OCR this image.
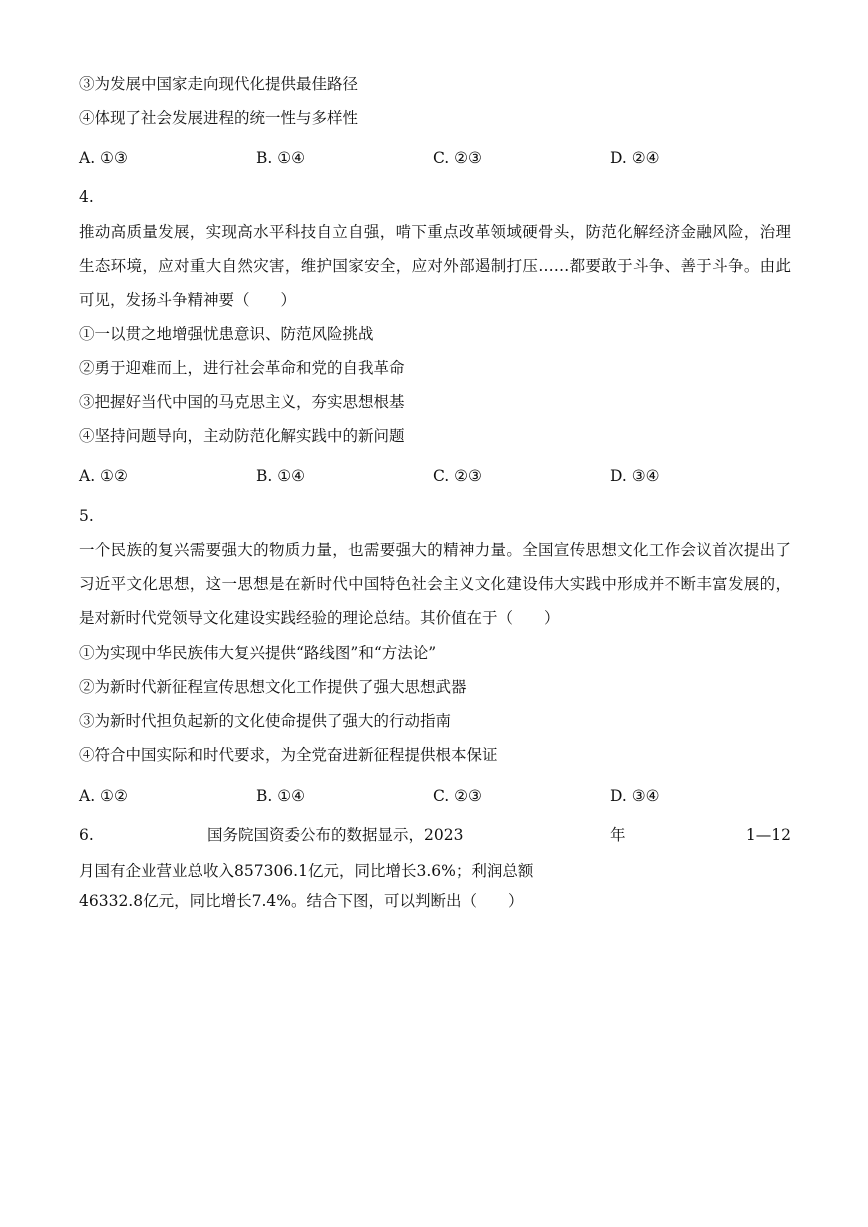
③为发展中国家走向现代化提供最佳路径
④体现了社会发展进程的统一性与多样性
A. ①③	B. ①④	C. ②③	D. ②④
4.
推动高质量发展，实现高水平科技自立自强，啃下重点改革领域硬骨头，防范化解经济金融风险，治理生态环境，应对重大自然灾害，维护国家安全，应对外部遏制打压……都要敢于斗争、善于斗争。由此可见，发扬斗争精神要（　　）
①一以贯之地增强忧患意识、防范风险挑战
②勇于迎难而上，进行社会革命和党的自我革命
③把握好当代中国的马克思主义，夯实思想根基
④坚持问题导向，主动防范化解实践中的新问题
A. ①②	B. ①④	C. ②③	D. ③④
5.
一个民族的复兴需要强大的物质力量，也需要强大的精神力量。全国宣传思想文化工作会议首次提出了习近平文化思想，这一思想是在新时代中国特色社会主义文化建设伟大实践中形成并不断丰富发展的，是对新时代党领导文化建设实践经验的理论总结。其价值在于（　　）
①为实现中华民族伟大复兴提供“路线图”和“方法论”
②为新时代新征程宣传思想文化工作提供了强大思想武器
③为新时代担负起新的文化使命提供了强大的行动指南
④符合中国实际和时代要求，为全党奋进新征程提供根本保证
A. ①②	B. ①④	C. ②③	D. ③④
6.	国务院国资委公布的数据显示，2023	年	1—12
月国有企业营业总收入857306.1亿元，同比增长3.6%；利润总额
46332.8亿元，同比增长7.4%。结合下图，可以判断出（　　）
